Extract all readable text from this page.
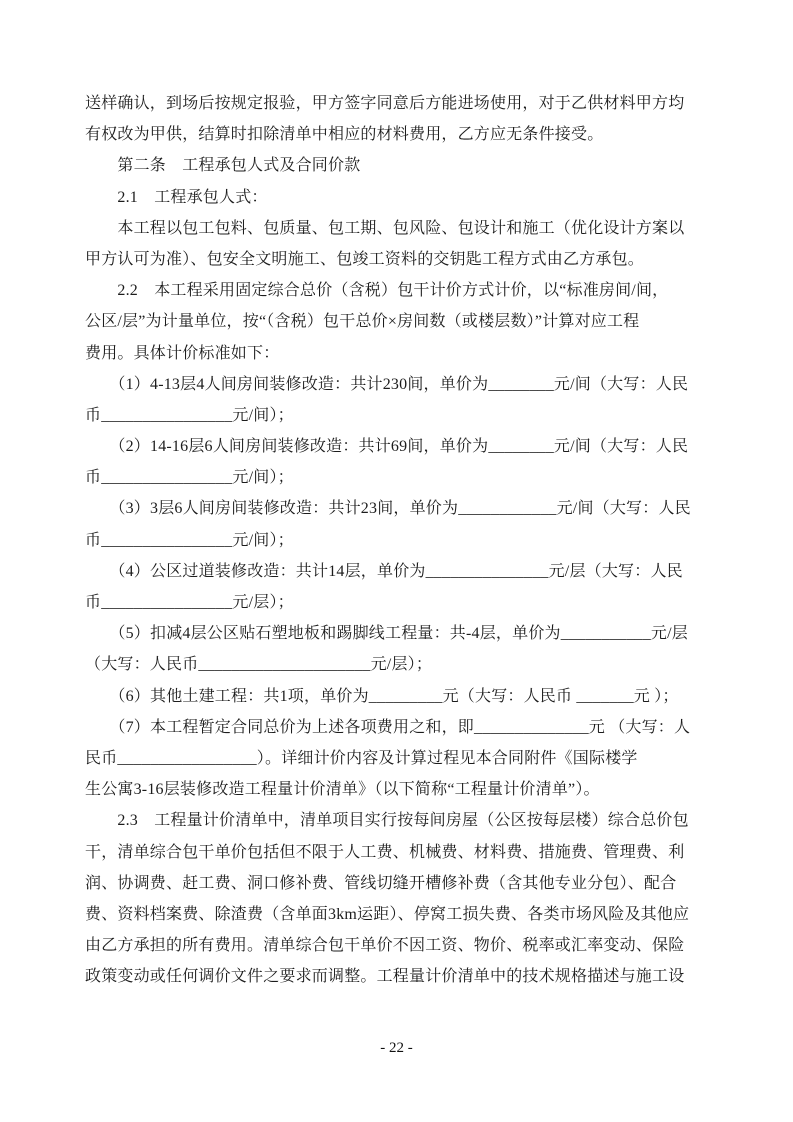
送样确认，到场后按规定报验，甲方签字同意后方能进场使用，对于乙供材料甲方均
有权改为甲供，结算时扣除清单中相应的材料费用，乙方应无条件接受。
　　第二条　工程承包人式及合同价款
　　2.1　工程承包人式：
　　本工程以包工包料、包质量、包工期、包风险、包设计和施工（优化设计方案以
甲方认可为准）、包安全文明施工、包竣工资料的交钥匙工程方式由乙方承包。
　　2.2　本工程采用固定综合总价（含税）包干计价方式计价，以“标准房间/间，
公区/层”为计量单位，按“（含税）包干总价×房间数（或楼层数）”计算对应工程
费用。具体计价标准如下：
　　（1）4-13层4人间房间装修改造：共计230间，单价为________元/间（大写：人民
币________________元/间）；
　　（2）14-16层6人间房间装修改造：共计69间，单价为________元/间（大写：人民
币________________元/间）；
　　（3）3层6人间房间装修改造：共计23间，单价为____________元/间（大写：人民
币________________元/间）；
　　（4）公区过道装修改造：共计14层，单价为_______________元/层（大写：人民
币________________元/层）；
　　（5）扣减4层公区贴石塑地板和踢脚线工程量：共-4层，单价为___________元/层
（大写：人民币_____________________元/层）；
　　（6）其他土建工程：共1项，单价为_________元（大写：人民币 _______元 ）；
　　（7）本工程暂定合同总价为上述各项费用之和，即______________元 （大写：人
民币_________________）。详细计价内容及计算过程见本合同附件《国际楼学
生公寓3-16层装修改造工程量计价清单》（以下简称“工程量计价清单”）。
　　2.3　工程量计价清单中，清单项目实行按每间房屋（公区按每层楼）综合总价包
干，清单综合包干单价包括但不限于人工费、机械费、材料费、措施费、管理费、利
润、协调费、赶工费、洞口修补费、管线切缝开槽修补费（含其他专业分包）、配合
费、资料档案费、除渣费（含单面3km运距）、停窝工损失费、各类市场风险及其他应
由乙方承担的所有费用。清单综合包干单价不因工资、物价、税率或汇率变动、保险
政策变动或任何调价文件之要求而调整。工程量计价清单中的技术规格描述与施工设
- 22 -
